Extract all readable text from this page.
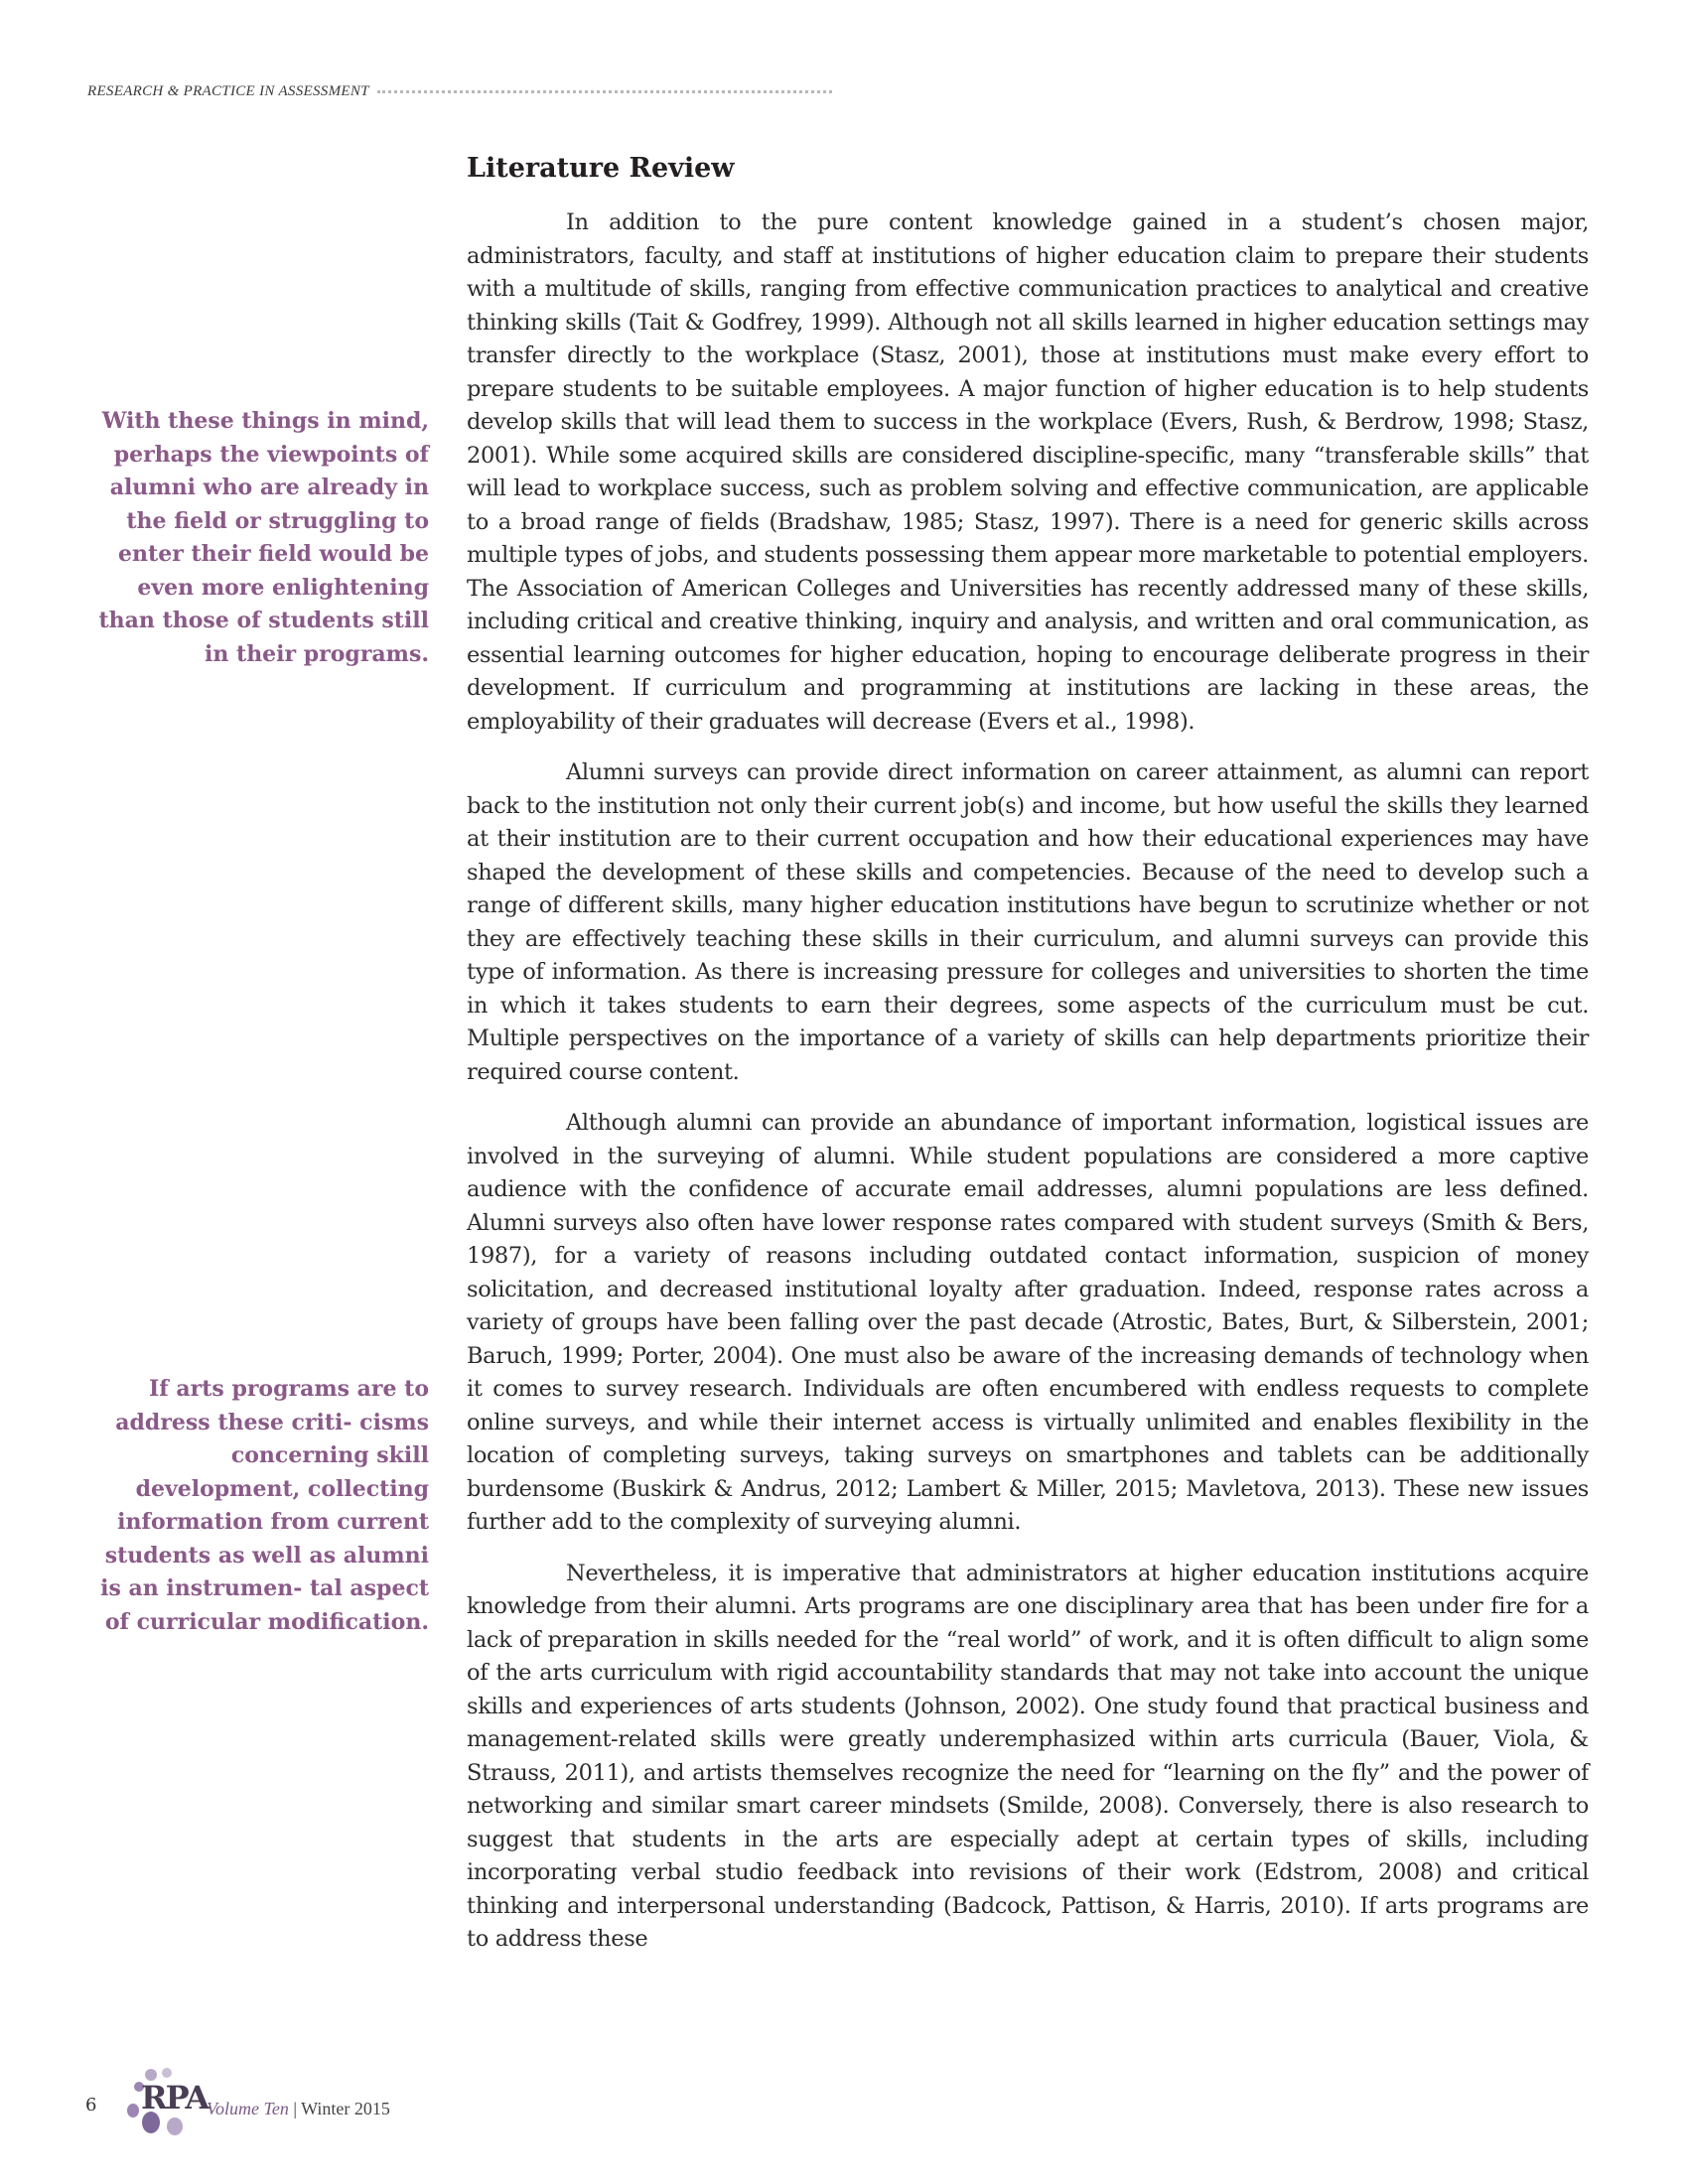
RESEARCH & PRACTICE IN ASSESSMENT
Literature Review

In addition to the pure content knowledge gained in a student’s chosen major, administrators, faculty, and staff at institutions of higher education claim to prepare their students with a multitude of skills, ranging from effective communication practices to analytical and creative thinking skills (Tait & Godfrey, 1999). Although not all skills learned in higher education settings may transfer directly to the workplace (Stasz, 2001), those at institutions must make every effort to prepare students to be suitable employees. A major function of higher education is to help students develop skills that will lead them to success in the workplace (Evers, Rush, & Berdrow, 1998; Stasz, 2001). While some acquired skills are considered discipline-specific, many “transferable skills” that will lead to workplace success, such as problem solving and effective communication, are applicable to a broad range of fields (Bradshaw, 1985; Stasz, 1997). There is a need for generic skills across multiple types of jobs, and students possessing them appear more marketable to potential employers. The Association of American Colleges and Universities has recently addressed many of these skills, including critical and creative thinking, inquiry and analysis, and written and oral communication, as essential learning outcomes for higher education, hoping to encourage deliberate progress in their development. If curriculum and programming at institutions are lacking in these areas, the employability of their graduates will decrease (Evers et al., 1998).

Alumni surveys can provide direct information on career attainment, as alumni can report back to the institution not only their current job(s) and income, but how useful the skills they learned at their institution are to their current occupation and how their educational experiences may have shaped the development of these skills and competencies. Because of the need to develop such a range of different skills, many higher education institutions have begun to scrutinize whether or not they are effectively teaching these skills in their curriculum, and alumni surveys can provide this type of information. As there is increasing pressure for colleges and universities to shorten the time in which it takes students to earn their degrees, some aspects of the curriculum must be cut. Multiple perspectives on the importance of a variety of skills can help departments prioritize their required course content.

Although alumni can provide an abundance of important information, logistical issues are involved in the surveying of alumni. While student populations are considered a more captive audience with the confidence of accurate email addresses, alumni populations are less defined. Alumni surveys also often have lower response rates compared with student surveys (Smith & Bers, 1987), for a variety of reasons including outdated contact information, suspicion of money solicitation, and decreased institutional loyalty after graduation. Indeed, response rates across a variety of groups have been falling over the past decade (Atrostic, Bates, Burt, & Silberstein, 2001; Baruch, 1999; Porter, 2004). One must also be aware of the increasing demands of technology when it comes to survey research. Individuals are often encumbered with endless requests to complete online surveys, and while their internet access is virtually unlimited and enables flexibility in the location of completing surveys, taking surveys on smartphones and tablets can be additionally burdensome (Buskirk & Andrus, 2012; Lambert & Miller, 2015; Mavletova, 2013). These new issues further add to the complexity of surveying alumni.

Nevertheless, it is imperative that administrators at higher education institutions acquire knowledge from their alumni. Arts programs are one disciplinary area that has been under fire for a lack of preparation in skills needed for the “real world” of work, and it is often difficult to align some of the arts curriculum with rigid accountability standards that may not take into account the unique skills and experiences of arts students (Johnson, 2002). One study found that practical business and management-related skills were greatly underemphasized within arts curricula (Bauer, Viola, & Strauss, 2011), and artists themselves recognize the need for “learning on the fly” and the power of networking and similar smart career mindsets (Smilde, 2008). Conversely, there is also research to suggest that students in the arts are especially adept at certain types of skills, including incorporating verbal studio feedback into revisions of their work (Edstrom, 2008) and critical thinking and interpersonal understanding (Badcock, Pattison, & Harris, 2010). If arts programs are to address these

With these things in mind, perhaps the viewpoints of alumni who are already in the field or struggling to enter their field would be even more enlightening than those of students still in their programs.

If arts programs are to address these criti- cisms concerning skill development, collecting information from current students as well as alumni is an instrumen- tal aspect of curricular modification.

6 RPA
Volume Ten | Winter 2015
